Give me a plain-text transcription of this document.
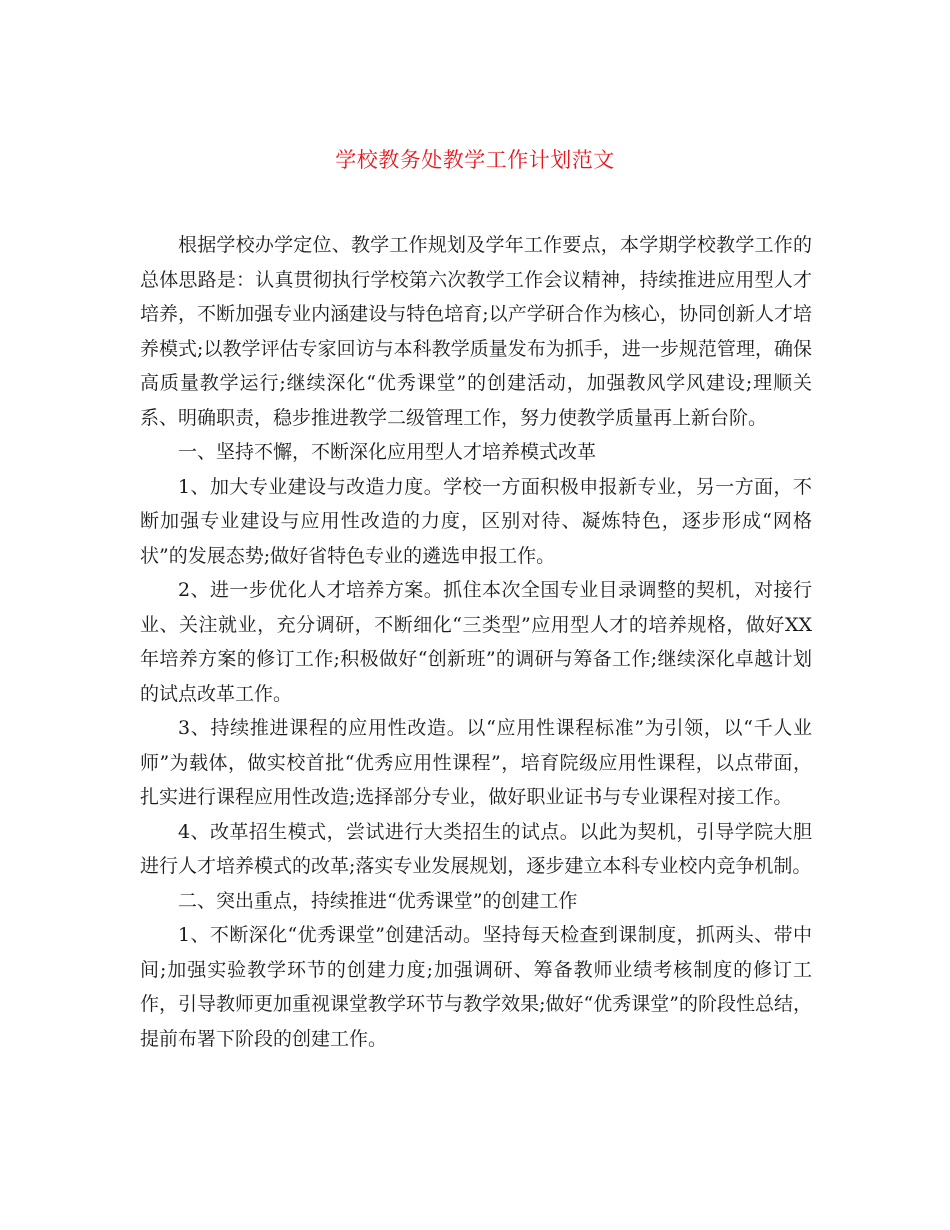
学校教务处教学工作计划范文

根据学校办学定位、教学工作规划及学年工作要点，本学期学校教学工作的总体思路是：认真贯彻执行学校第六次教学工作会议精神，持续推进应用型人才培养，不断加强专业内涵建设与特色培育;以产学研合作为核心，协同创新人才培养模式;以教学评估专家回访与本科教学质量发布为抓手，进一步规范管理，确保高质量教学运行;继续深化“优秀课堂”的创建活动，加强教风学风建设;理顺关系、明确职责，稳步推进教学二级管理工作，努力使教学质量再上新台阶。

一、坚持不懈，不断深化应用型人才培养模式改革

1、加大专业建设与改造力度。学校一方面积极申报新专业，另一方面，不断加强专业建设与应用性改造的力度，区别对待、凝炼特色，逐步形成“网格状”的发展态势;做好省特色专业的遴选申报工作。

2、进一步优化人才培养方案。抓住本次全国专业目录调整的契机，对接行业、关注就业，充分调研，不断细化“三类型”应用型人才的培养规格，做好XX年培养方案的修订工作;积极做好“创新班”的调研与筹备工作;继续深化卓越计划的试点改革工作。

3、持续推进课程的应用性改造。以“应用性课程标准”为引领，以“千人业师”为载体，做实校首批“优秀应用性课程”，培育院级应用性课程，以点带面，扎实进行课程应用性改造;选择部分专业，做好职业证书与专业课程对接工作。

4、改革招生模式，尝试进行大类招生的试点。以此为契机，引导学院大胆进行人才培养模式的改革;落实专业发展规划，逐步建立本科专业校内竞争机制。

二、突出重点，持续推进“优秀课堂”的创建工作

1、不断深化“优秀课堂”创建活动。坚持每天检查到课制度，抓两头、带中间;加强实验教学环节的创建力度;加强调研、筹备教师业绩考核制度的修订工作，引导教师更加重视课堂教学环节与教学效果;做好“优秀课堂”的阶段性总结，提前布署下阶段的创建工作。
